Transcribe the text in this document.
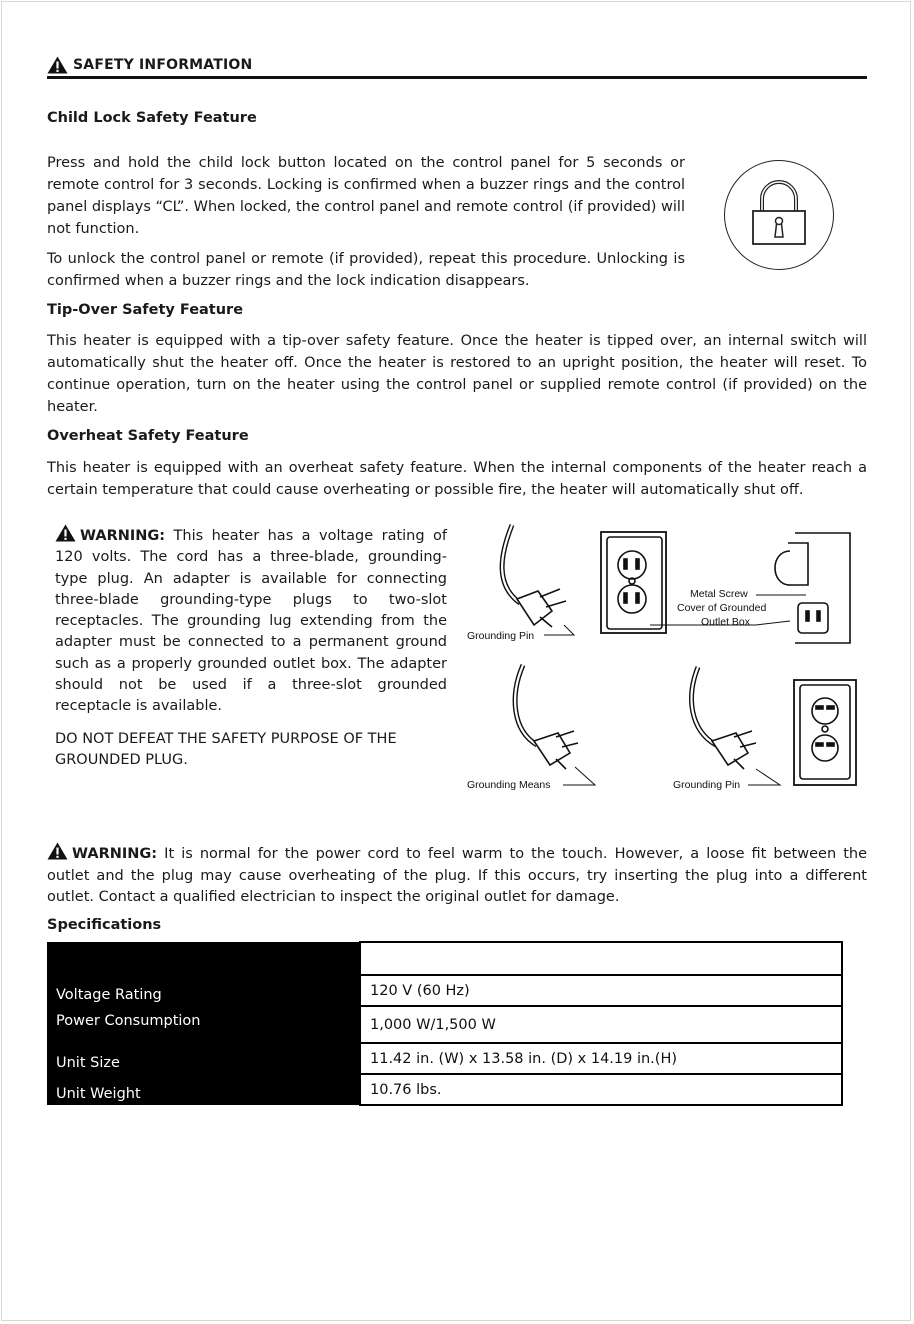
SAFETY INFORMATION
Child Lock Safety Feature
Press and hold the child lock button located on the control panel for 5 seconds or remote control for 3 seconds. Locking is confirmed when a buzzer rings and the control panel displays “CL”. When locked, the control panel and remote control (if provided) will not function.
To unlock the control panel or remote (if provided), repeat this procedure. Unlocking is confirmed when a buzzer rings and the lock indication disappears.
Tip-Over Safety Feature
This heater is equipped with a tip-over safety feature. Once the heater is tipped over, an internal switch will automatically shut the heater off. Once the heater is restored to an upright position, the heater will reset. To continue operation, turn on the heater using the control panel or supplied remote control (if provided) on the heater.
Overheat Safety Feature
This heater is equipped with an overheat safety feature. When the internal components of the heater reach a certain temperature that could cause overheating or possible fire, the heater will automatically shut off.
WARNING: This heater has a voltage rating of 120 volts. The cord has a three-blade, grounding-type plug. An adapter is available for connecting three-blade grounding-type plugs to two-slot receptacles. The grounding lug extending from the adapter must be connected to a permanent ground such as a properly grounded outlet box. The adapter should not be used if a three-slot grounded receptacle is available.
DO NOT DEFEAT THE SAFETY PURPOSE OF THE GROUNDED PLUG.
Grounding Pin
Metal Screw
Cover of Grounded
Outlet Box
Grounding Means	Grounding Pin
WARNING: It is normal for the power cord to feel warm to the touch. However, a loose fit between the outlet and the plug may cause overheating of the plug. If this occurs, try inserting the plug into a different outlet. Contact a qualified electrician to inspect the original outlet for damage.
Specifications

Voltage Rating	120 V (60 Hz)
Power Consumption	1,000 W/1,500 W
Unit Size	11.42 in. (W) x 13.58 in. (D) x 14.19 in.(H)
Unit Weight	10.76 lbs.
